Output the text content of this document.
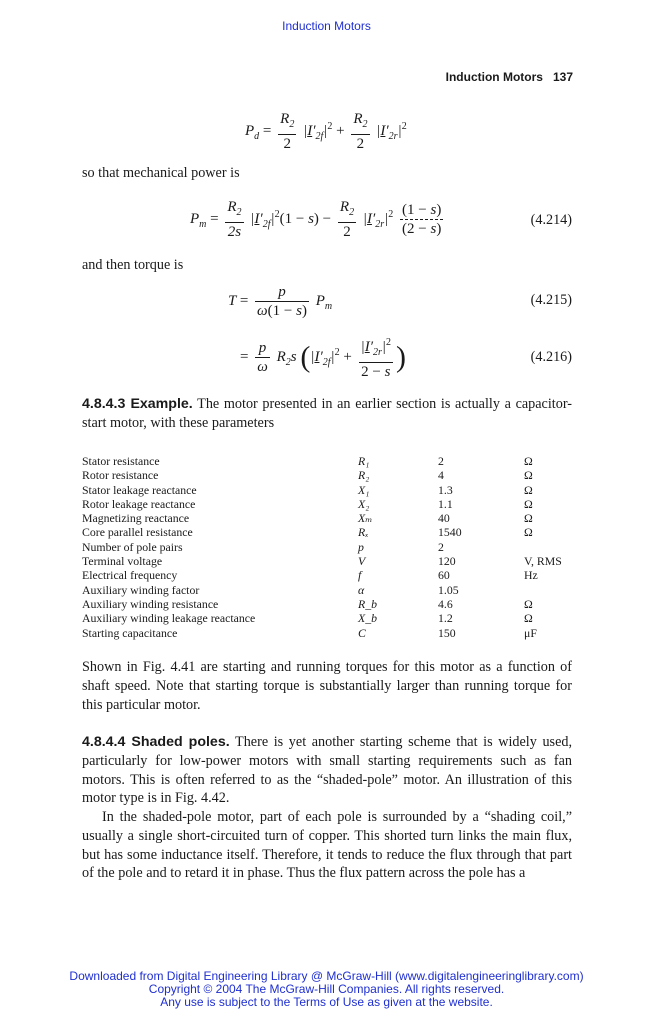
Induction Motors
Induction Motors 137
$P_d = \frac{R_2}{2} |I'_{2f}|^2 + \frac{R_2}{2} |I'_{2r}|^2$
so that mechanical power is
$P_m = \frac{R_2}{2s} |I'_{2f}|^2(1 - s) - \frac{R_2}{2} |I'_{2r}|^2 \frac{(1 - s)}{(2 - s)}$	(4.214)
and then torque is
$T = \frac{p}{\omega(1 - s)} P_m$	(4.215)
= $\frac{p}{\omega} R_2s$ ($|I'_{2f}|^2 + \frac{|I'_{2r}|^2}{2 - s}$ )	(4.216)
4.8.4.3 Example. The motor presented in an earlier section is actually a capacitor-start motor, with these parameters
Stator resistance	R₁	2	Ω
Rotor resistance	R₂	4	Ω
Stator leakage reactance	X₁	1.3	Ω
Rotor leakage reactance	X₂	1.1	Ω
Magnetizing reactance	Xₘ	40	Ω
Core parallel resistance	Rₓ	1540	Ω
Number of pole pairs	p	2	
Terminal voltage	V	120	V, RMS
Electrical frequency	f	60	Hz
Auxiliary winding factor	α	1.05	
Auxiliary winding resistance	R_b	4.6	Ω
Auxiliary winding leakage reactance	X_b	1.2	Ω
Starting capacitance	C	150	μF
Shown in Fig. 4.41 are starting and running torques for this motor as a function of shaft speed. Note that starting torque is substantially larger than running torque for this particular motor.
4.8.4.4 Shaded poles. There is yet another starting scheme that is widely used, particularly for low-power motors with small starting requirements such as fan motors. This is often referred to as the “shaded-pole” motor. An illustration of this motor type is in Fig. 4.42.
In the shaded-pole motor, part of each pole is surrounded by a “shading coil,” usually a single short-circuited turn of copper. This shorted turn links the main flux, but has some inductance itself. Therefore, it tends to reduce the flux through that part of the pole and to retard it in phase. Thus the flux pattern across the pole has a
Downloaded from Digital Engineering Library @ McGraw-Hill (www.digitalengineeringlibrary.com)
Copyright © 2004 The McGraw-Hill Companies. All rights reserved.
Any use is subject to the Terms of Use as given at the website.
